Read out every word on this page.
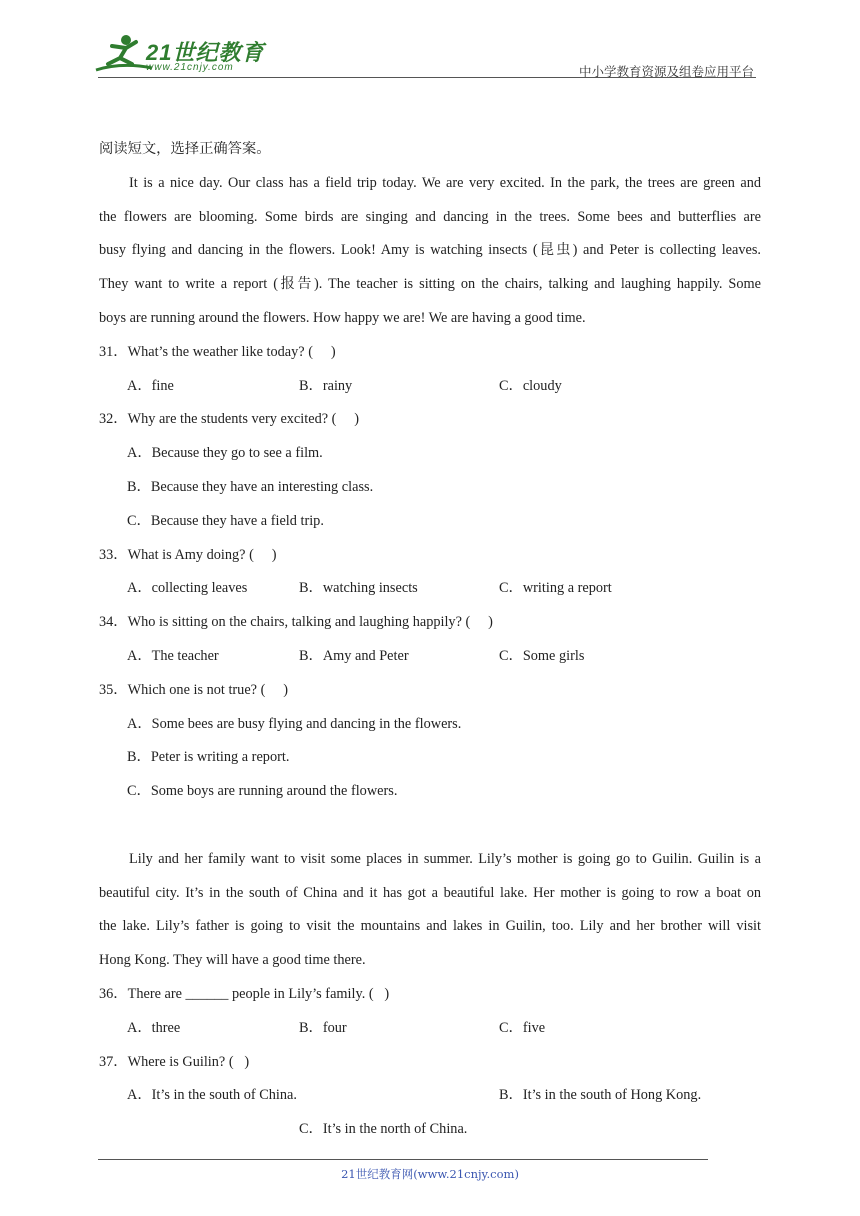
21世纪教育
www.21cnjy.com	中小学教育资源及组卷应用平台
阅读短文，选择正确答案。
It is a nice day. Our class has a field trip today. We are very excited. In the park, the trees are green and
the flowers are blooming. Some birds are singing and dancing in the trees. Some bees and butterflies are
busy flying and dancing in the flowers. Look! Amy is watching insects (昆虫) and Peter is collecting leaves.
They want to write a report (报告). The teacher is sitting on the chairs, talking and laughing happily. Some
boys are running around the flowers. How happy we are! We are having a good time.
31．What’s the weather like today? (     )
A．fine	B．rainy	C．cloudy
32．Why are the students very excited? (     )
A．Because they go to see a film.
B．Because they have an interesting class.
C．Because they have a field trip.
33．What is Amy doing? (     )
A．collecting leaves	B．watching insects	C．writing a report
34．Who is sitting on the chairs, talking and laughing happily? (     )
A．The teacher	B．Amy and Peter	C．Some girls
35．Which one is not true? (     )
A．Some bees are busy flying and dancing in the flowers.
B．Peter is writing a report.
C．Some boys are running around the flowers.
Lily and her family want to visit some places in summer. Lily’s mother is going go to Guilin. Guilin is a
beautiful city. It’s in the south of China and it has got a beautiful lake. Her mother is going to row a boat on
the lake. Lily’s father is going to visit the mountains and lakes in Guilin, too. Lily and her brother will visit
Hong Kong. They will have a good time there.
36．There are ______ people in Lily’s family. (   )
A．three	B．four	C．five
37．Where is Guilin? (   )
A．It’s in the south of China.	B．It’s in the south of Hong Kong.
C．It’s in the north of China.
21世纪教育网(www.21cnjy.com)
